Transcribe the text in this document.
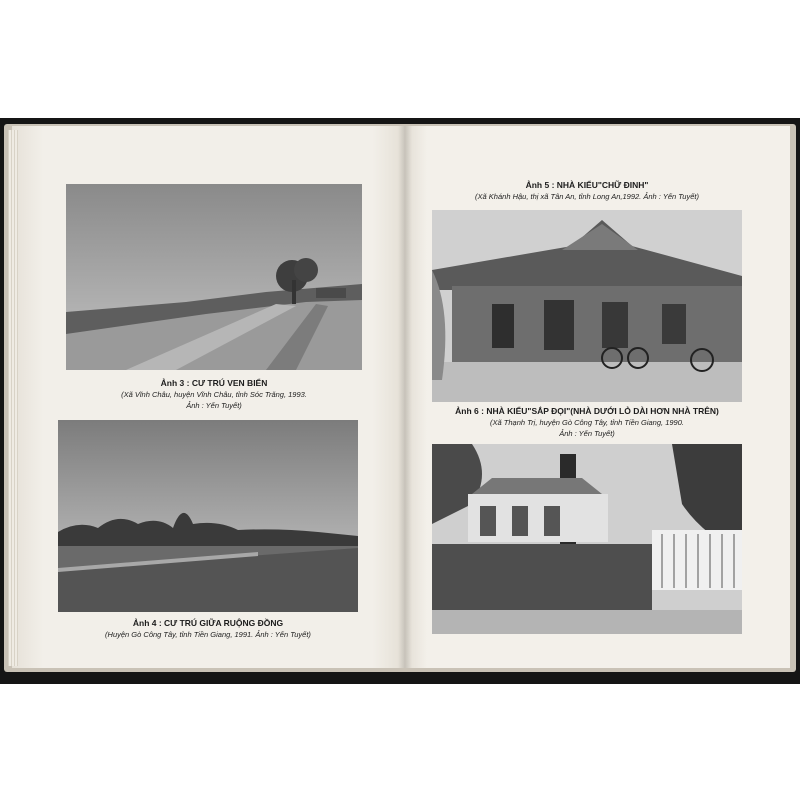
Ảnh 3 : CƯ TRÚ VEN BIỂN
(Xã Vĩnh Châu, huyện Vĩnh Châu, tỉnh Sóc Trăng, 1993.
Ảnh : Yến Tuyết)
Ảnh 4 : CƯ TRÚ GIỮA RUỘNG ĐỒNG
(Huyện Gò Công Tây, tỉnh Tiền Giang, 1991. Ảnh : Yến Tuyết)
Ảnh 5 : NHÀ KIỂU"CHỮ ĐINH"
(Xã Khánh Hậu, thị xã Tân An, tỉnh Long An,1992. Ảnh : Yến Tuyết)
Ảnh 6 : NHÀ KIỂU"SẮP ĐỌI"(NHÀ DƯỚI LỎ DÀI HƠN NHÀ TRÊN)
(Xã Thạnh Trị, huyện Gò Công Tây, tỉnh Tiền Giang, 1990.
Ảnh : Yến Tuyết)
